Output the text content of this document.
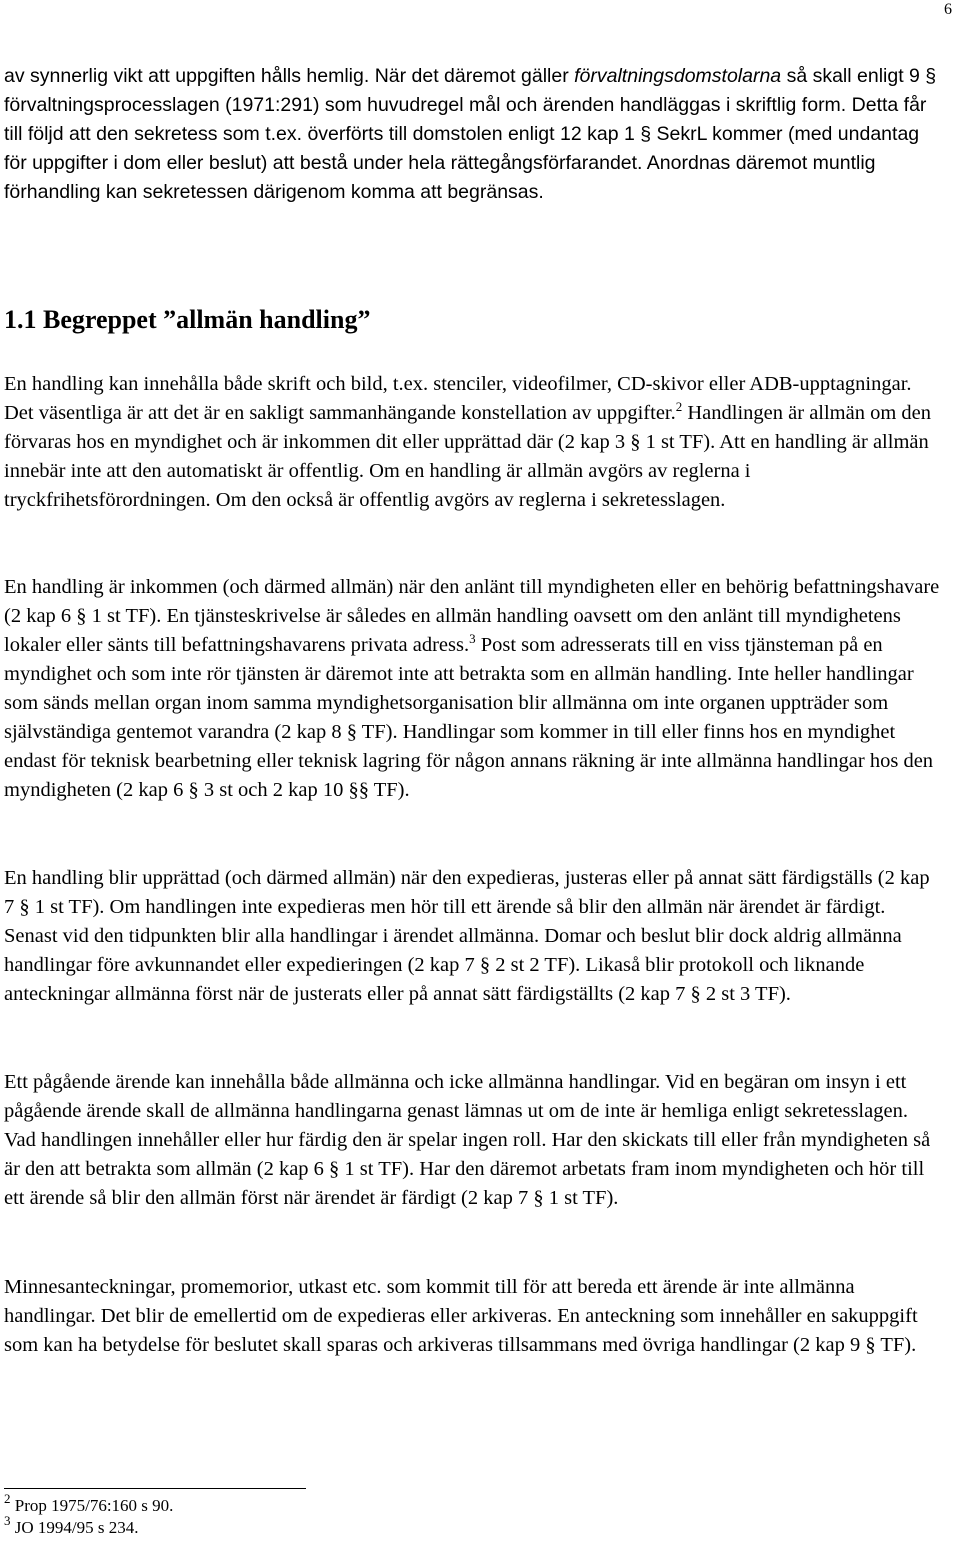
6

av synnerlig vikt att uppgiften hålls hemlig. När det däremot gäller förvaltningsdomstolarna så skall enligt 9 § förvaltningsprocesslagen (1971:291) som huvudregel mål och ärenden handläggas i skriftlig form. Detta får till följd att den sekretess som t.ex. överförts till domstolen enligt 12 kap 1 § SekrL kommer (med undantag för uppgifter i dom eller beslut) att bestå under hela rättegångsförfarandet. Anordnas däremot muntlig förhandling kan sekretessen därigenom komma att begränsas.

1.1 Begreppet ”allmän handling”

En handling kan innehålla både skrift och bild, t.ex. stenciler, videofilmer, CD-skivor eller ADB-upptagningar. Det väsentliga är att det är en sakligt sammanhängande konstellation av uppgifter.$^2$ Handlingen är allmän om den förvaras hos en myndighet och är inkommen dit eller upprättad där (2 kap 3 § 1 st TF). Att en handling är allmän innebär inte att den automatiskt är offentlig. Om en handling är allmän avgörs av reglerna i tryckfrihetsförordningen. Om den också är offentlig avgörs av reglerna i sekretesslagen.

En handling är inkommen (och därmed allmän) när den anlänt till myndigheten eller en behörig befattningshavare (2 kap 6 § 1 st TF). En tjänsteskrivelse är således en allmän handling oavsett om den anlänt till myndighetens lokaler eller sänts till befattningshavarens privata adress.$^3$ Post som adresserats till en viss tjänsteman på en myndighet och som inte rör tjänsten är däremot inte att betrakta som en allmän handling. Inte heller handlingar som sänds mellan organ inom samma myndighetsorganisation blir allmänna om inte organen uppträder som självständiga gentemot varandra (2 kap 8 § TF). Handlingar som kommer in till eller finns hos en myndighet endast för teknisk bearbetning eller teknisk lagring för någon annans räkning är inte allmänna handlingar hos den myndigheten (2 kap 6 § 3 st och 2 kap 10 §§ TF).

En handling blir upprättad (och därmed allmän) när den expedieras, justeras eller på annat sätt färdigställs (2 kap 7 § 1 st TF). Om handlingen inte expedieras men hör till ett ärende så blir den allmän när ärendet är färdigt. Senast vid den tidpunkten blir alla handlingar i ärendet allmänna. Domar och beslut blir dock aldrig allmänna handlingar före avkunnandet eller expedieringen (2 kap 7 § 2 st 2 TF). Likaså blir protokoll och liknande anteckningar allmänna först när de justerats eller på annat sätt färdigställts (2 kap 7 § 2 st 3 TF).

Ett pågående ärende kan innehålla både allmänna och icke allmänna handlingar. Vid en begäran om insyn i ett pågående ärende skall de allmänna handlingarna genast lämnas ut om de inte är hemliga enligt sekretesslagen. Vad handlingen innehåller eller hur färdig den är spelar ingen roll. Har den skickats till eller från myndigheten så är den att betrakta som allmän (2 kap 6 § 1 st TF). Har den däremot arbetats fram inom myndigheten och hör till ett ärende så blir den allmän först när ärendet är färdigt (2 kap 7 § 1 st TF).

Minnesanteckningar, promemorior, utkast etc. som kommit till för att bereda ett ärende är inte allmänna handlingar. Det blir de emellertid om de expedieras eller arkiveras. En anteckning som innehåller en sakuppgift som kan ha betydelse för beslutet skall sparas och arkiveras tillsammans med övriga handlingar (2 kap 9 § TF).

$^2$ Prop 1975/76:160 s 90.

$^3$ JO 1994/95 s 234.
